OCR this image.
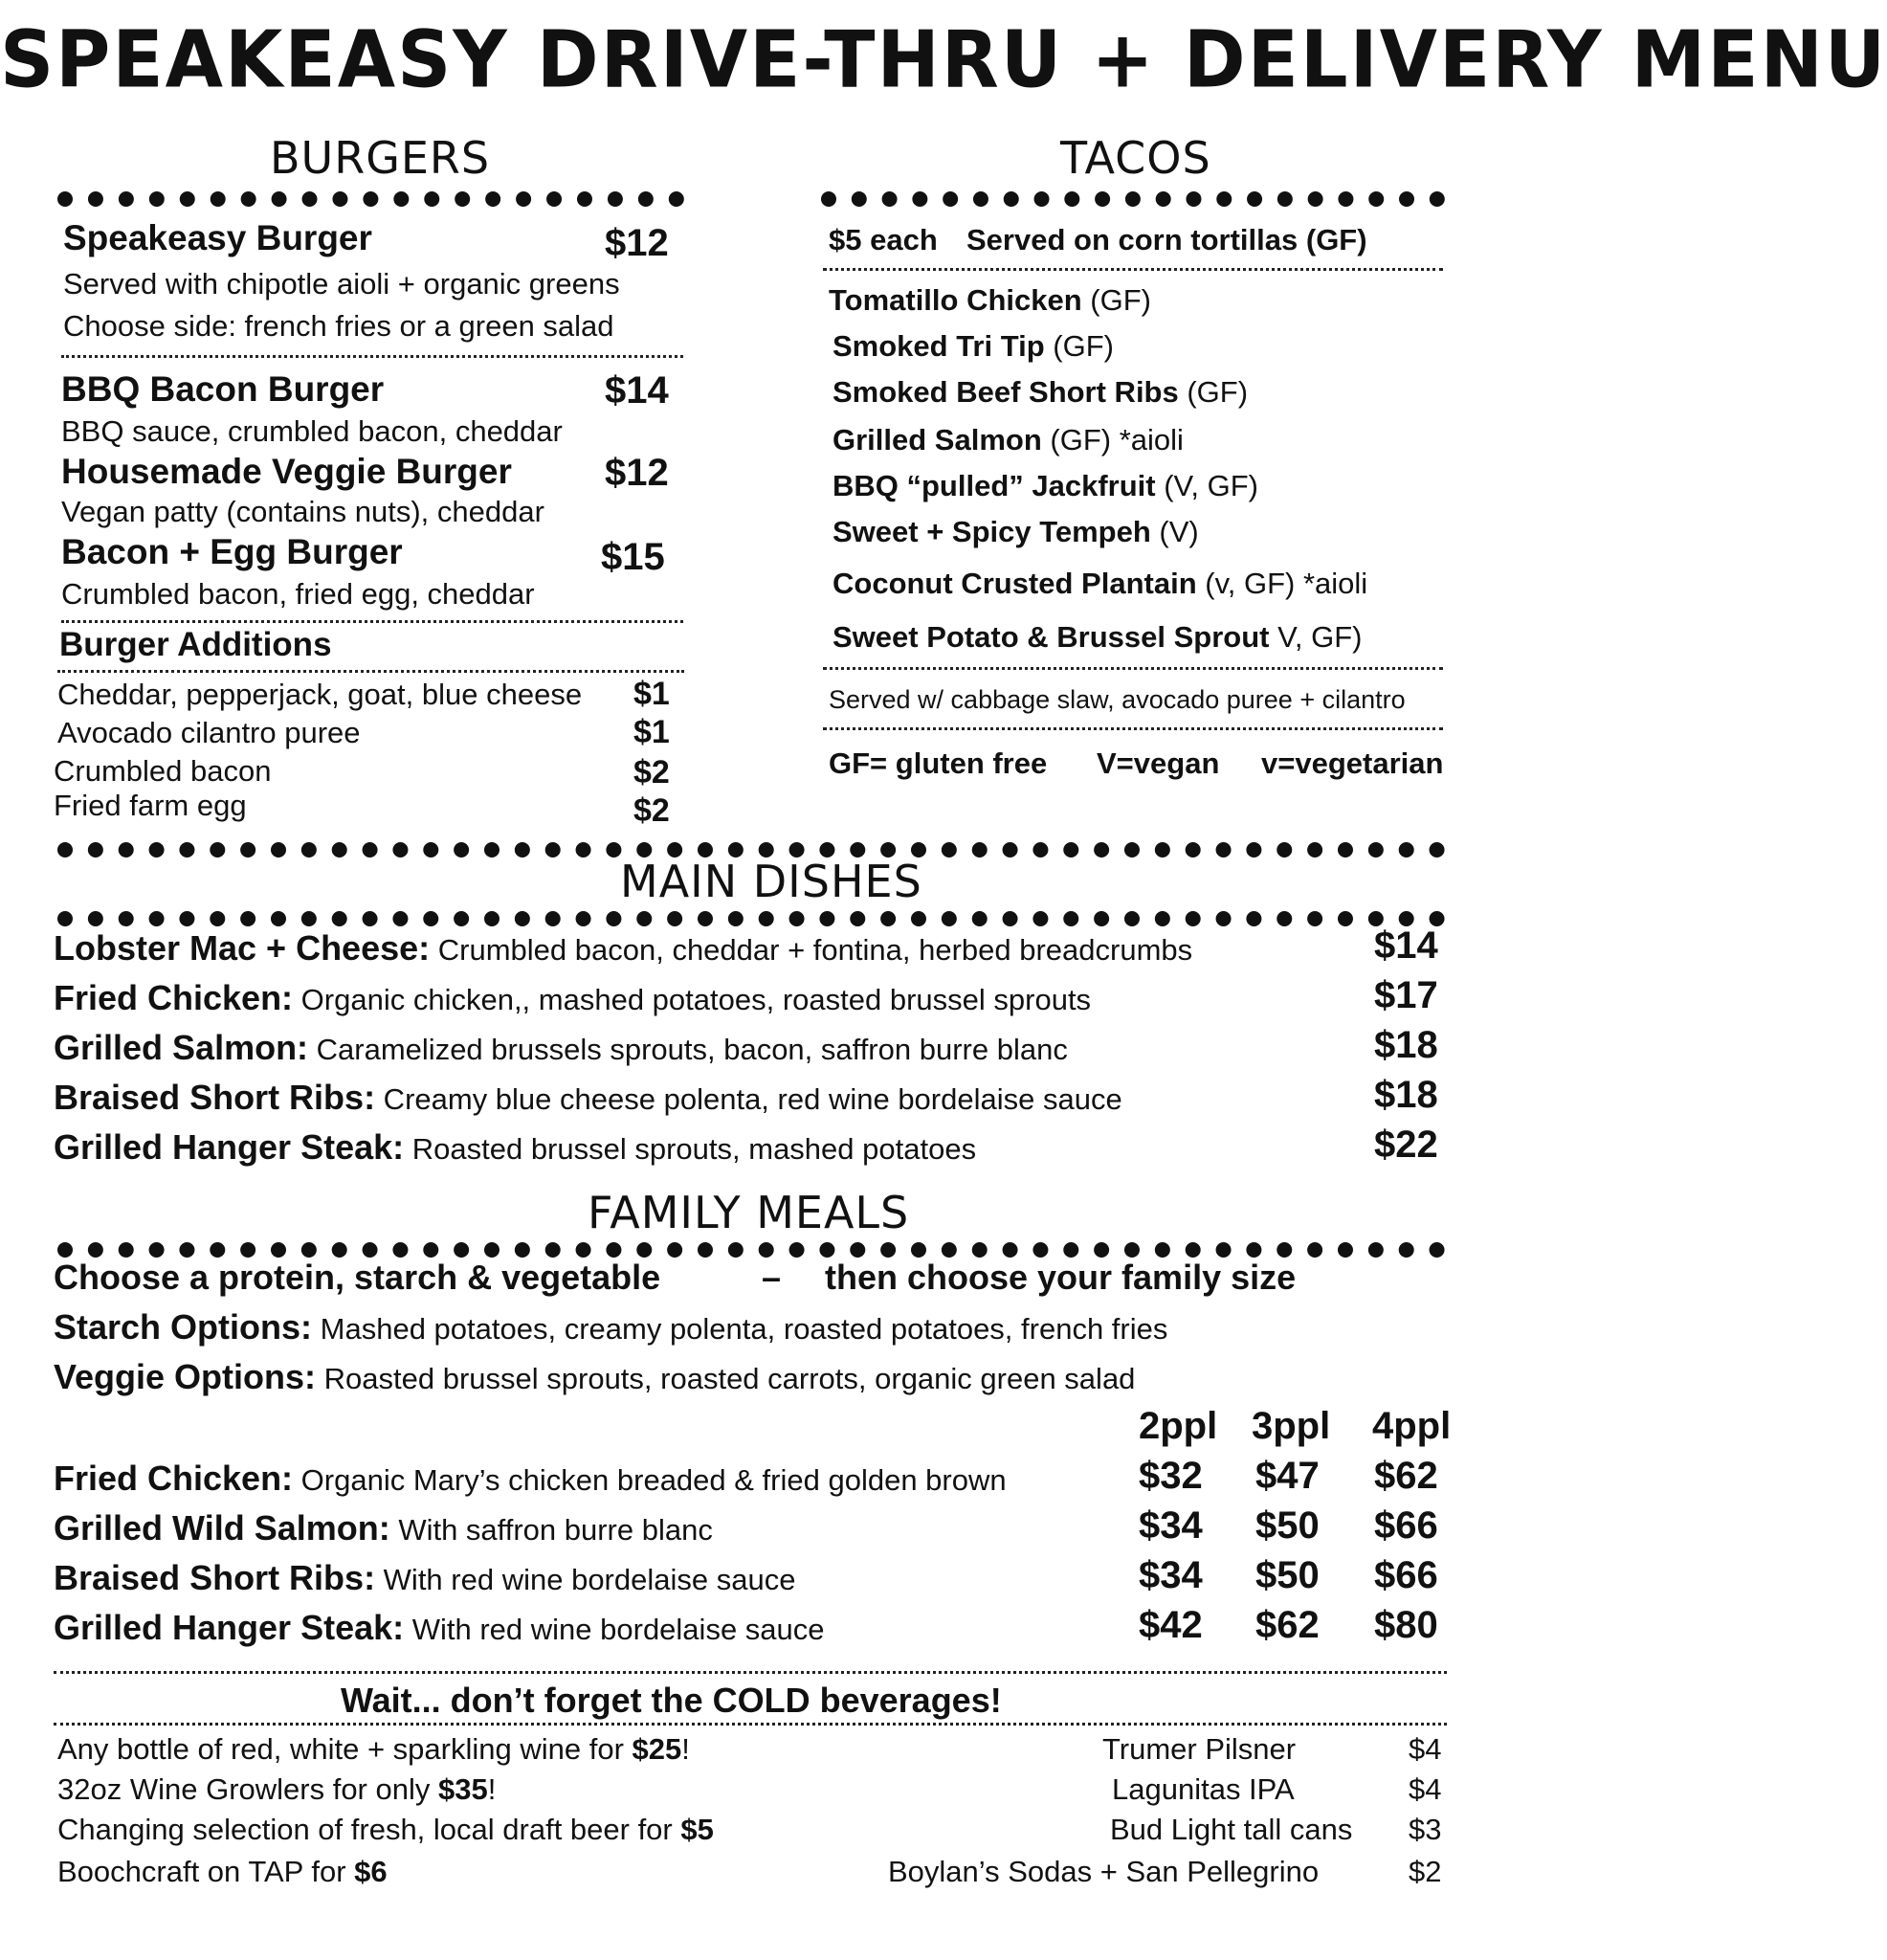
SPEAKEASY DRIVE-THRU + DELIVERY MENU
BURGERS
Speakeasy Burger	$12
Served with chipotle aioli + organic greens
Choose side: french fries or a green salad
BBQ Bacon Burger	$14
BBQ sauce, crumbled bacon, cheddar
Housemade Veggie Burger $12
Vegan patty (contains nuts), cheddar
Bacon + Egg Burger	$15
Crumbled bacon, fried egg, cheddar
Burger Additions
Cheddar, pepperjack, goat, blue cheese $1
Avocado cilantro puree	$1
Crumbled bacon	$2
Fried farm egg	$2
TACOS
$5 each Served on corn tortillas (GF)
Tomatillo Chicken (GF)
Smoked Tri Tip (GF)
Smoked Beef Short Ribs (GF)
Grilled Salmon (GF) *aioli
BBQ “pulled” Jackfruit (V, GF)
Sweet + Spicy Tempeh (V)
Coconut Crusted Plantain (v, GF) *aioli
Sweet Potato & Brussel Sprout V, GF)
Served w/ cabbage slaw, avocado puree + cilantro
GF= gluten free V=vegan v=vegetarian
MAIN DISHES
Lobster Mac + Cheese: Crumbled bacon, cheddar + fontina, herbed breadcrumbs	$14
Fried Chicken: Organic chicken,, mashed potatoes, roasted brussel sprouts	$17
Grilled Salmon: Caramelized brussels sprouts, bacon, saffron burre blanc	$18
Braised Short Ribs: Creamy blue cheese polenta, red wine bordelaise sauce	$18
Grilled Hanger Steak: Roasted brussel sprouts, mashed potatoes	$22
FAMILY MEALS
Choose a protein, starch & vegetable	– then choose your family size
Starch Options: Mashed potatoes, creamy polenta, roasted potatoes, french fries
Veggie Options: Roasted brussel sprouts, roasted carrots, organic green salad
2ppl 3ppl 4ppl
Fried Chicken: Organic Mary’s chicken breaded & fried golden brown	$32 $47 $62
Grilled Wild Salmon: With saffron burre blanc	$34 $50 $66
Braised Short Ribs: With red wine bordelaise sauce	$34 $50 $66
Grilled Hanger Steak: With red wine bordelaise sauce	$42 $62 $80
Wait... don’t forget the COLD beverages!
Any bottle of red, white + sparkling wine for $25!
32oz Wine Growlers for only $35!
Changing selection of fresh, local draft beer for $5
Boochcraft on TAP for $6
Trumer Pilsner	$4
Lagunitas IPA	$4
Bud Light tall cans $3
Boylan’s Sodas + San Pellegrino	$2
